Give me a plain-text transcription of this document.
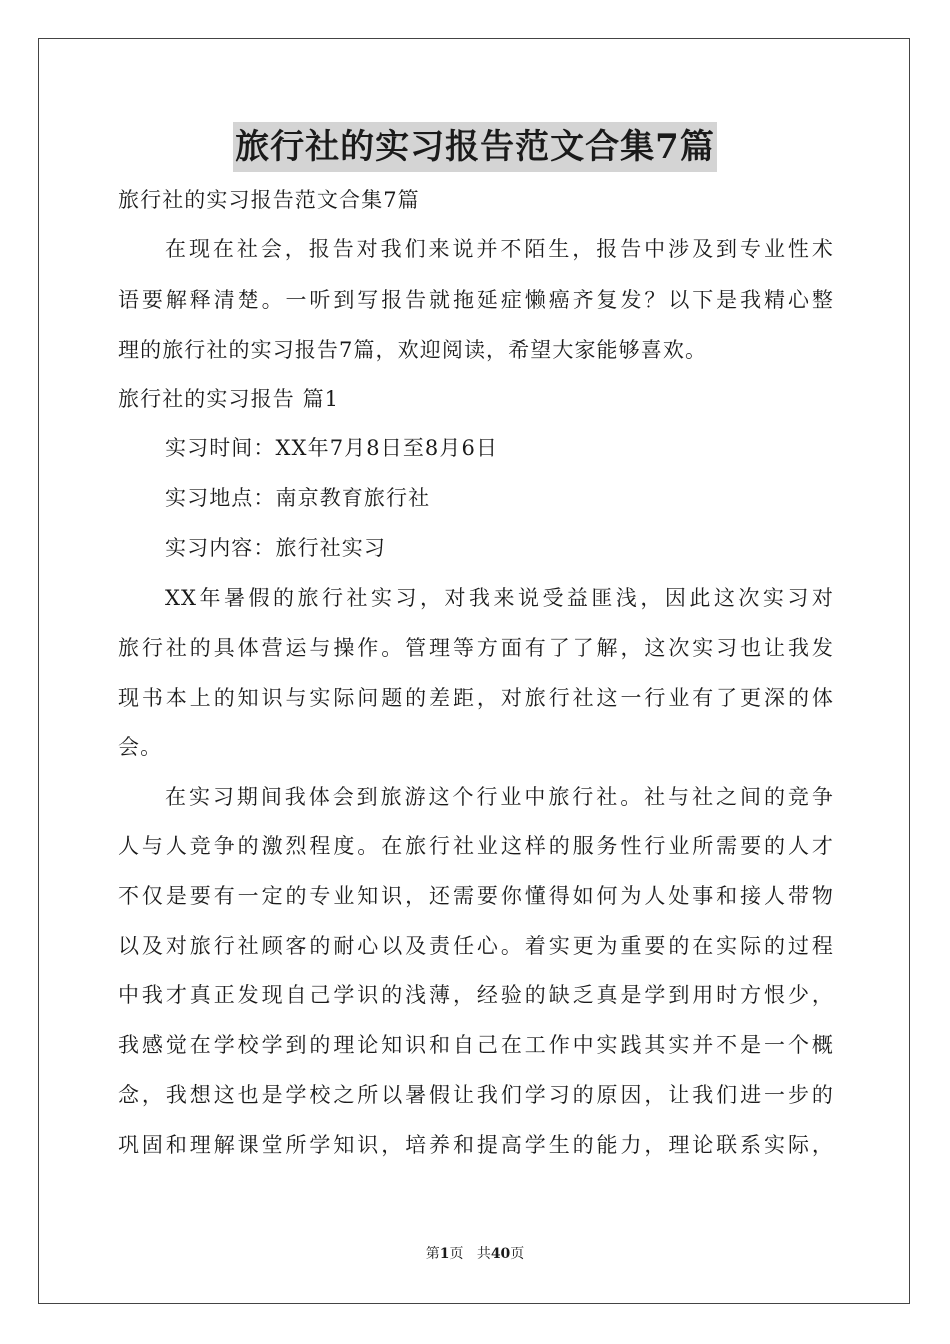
旅行社的实习报告范文合集7篇
旅行社的实习报告范文合集7篇
在现在社会，报告对我们来说并不陌生，报告中涉及到专业性术
语要解释清楚。一听到写报告就拖延症懒癌齐复发？以下是我精心整
理的旅行社的实习报告7篇，欢迎阅读，希望大家能够喜欢。
旅行社的实习报告 篇1
实习时间：XX年7月8日至8月6日
实习地点：南京教育旅行社
实习内容：旅行社实习
XX年暑假的旅行社实习，对我来说受益匪浅，因此这次实习对
旅行社的具体营运与操作。管理等方面有了了解，这次实习也让我发
现书本上的知识与实际问题的差距，对旅行社这一行业有了更深的体
会。
在实习期间我体会到旅游这个行业中旅行社。社与社之间的竞争
人与人竞争的激烈程度。在旅行社业这样的服务性行业所需要的人才
不仅是要有一定的专业知识，还需要你懂得如何为人处事和接人带物
以及对旅行社顾客的耐心以及责任心。着实更为重要的在实际的过程
中我才真正发现自己学识的浅薄，经验的缺乏真是学到用时方恨少，
我感觉在学校学到的理论知识和自己在工作中实践其实并不是一个概
念，我想这也是学校之所以暑假让我们学习的原因，让我们进一步的
巩固和理解课堂所学知识，培养和提高学生的能力，理论联系实际，
第1页 共40页
